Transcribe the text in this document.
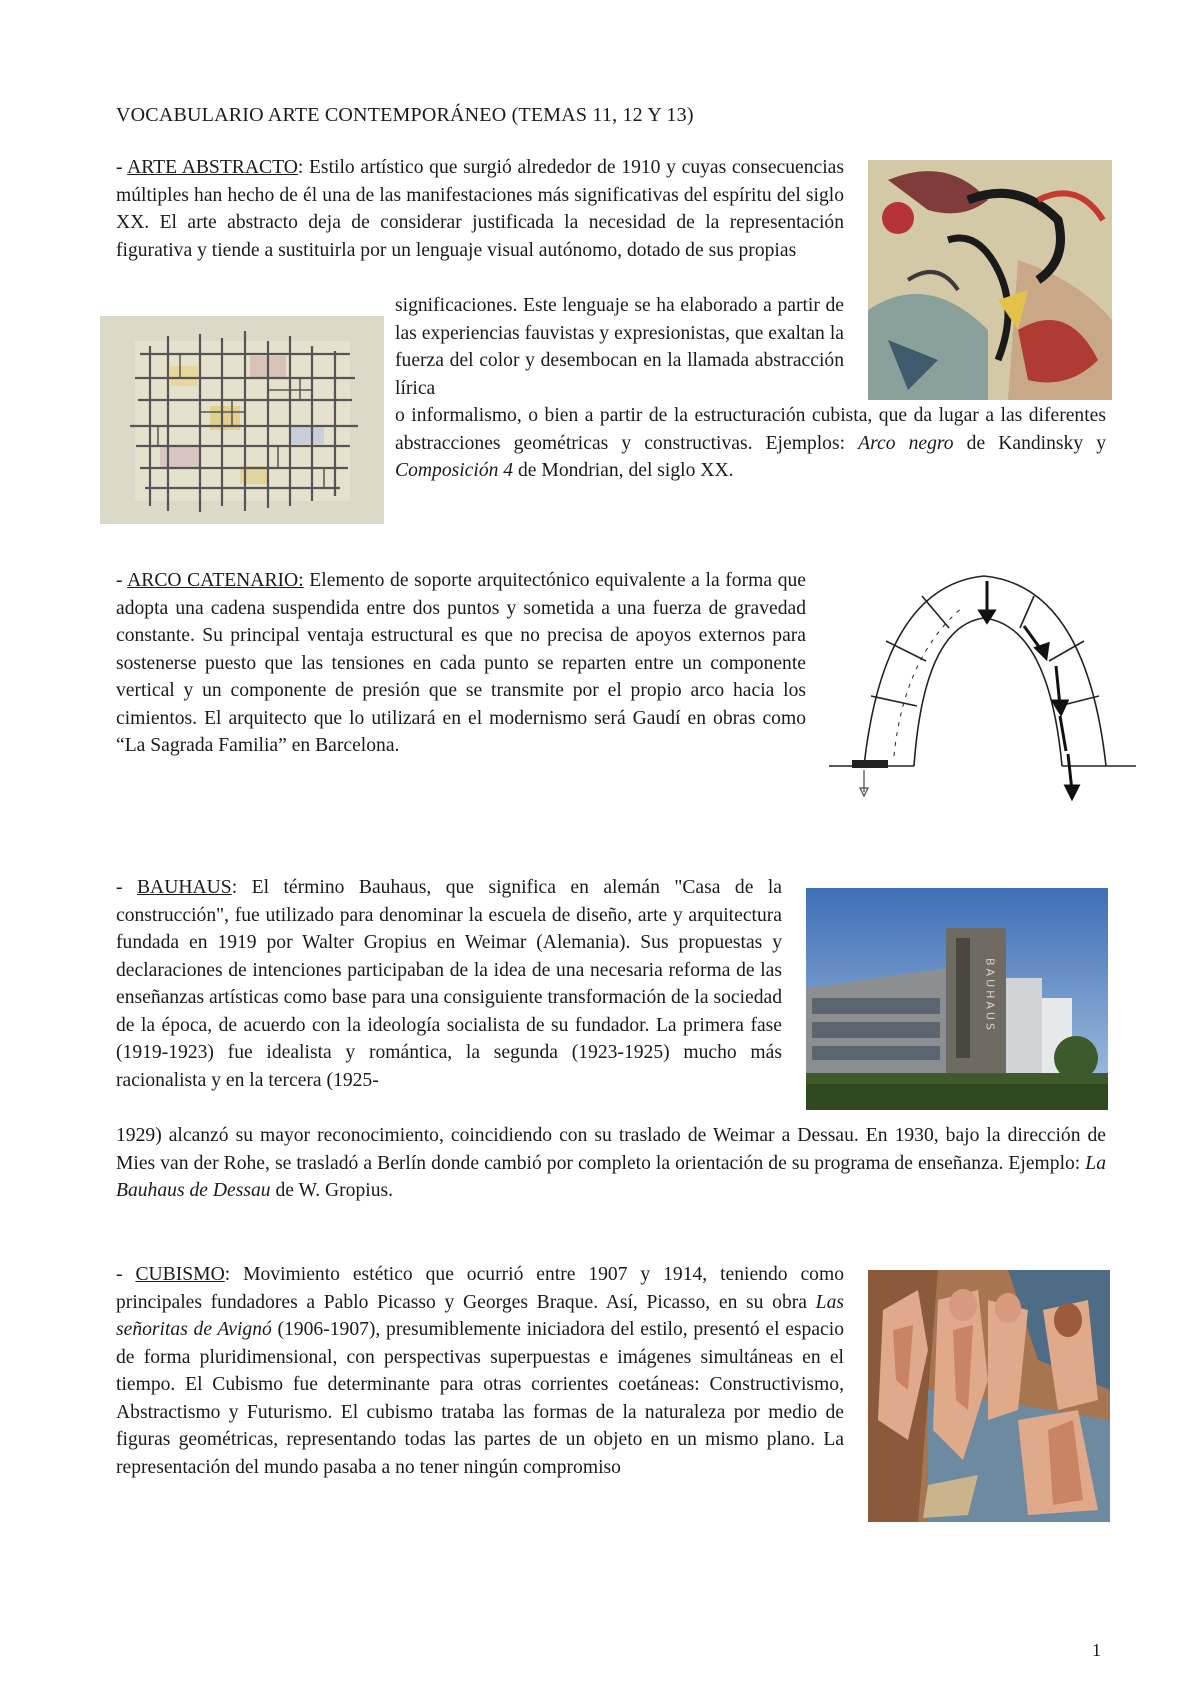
VOCABULARIO ARTE CONTEMPORÁNEO (TEMAS 11, 12 Y 13)
- ARTE ABSTRACTO: Estilo artístico que surgió alrededor de 1910 y cuyas consecuencias múltiples han hecho de él una de las manifestaciones más significativas del espíritu del siglo XX. El arte abstracto deja de considerar justificada la necesidad de la representación figurativa y tiende a sustituirla por un lenguaje visual autónomo, dotado de sus propias
significaciones. Este lenguaje se ha elaborado a partir de las experiencias fauvistas y expresionistas, que exaltan la fuerza del color y desembocan en la llamada abstracción lírica
o informalismo, o bien a partir de la estructuración cubista, que da lugar a las diferentes abstracciones geométricas y constructivas. Ejemplos: Arco negro de Kandinsky y Composición 4 de Mondrian, del siglo XX.
- ARCO CATENARIO: Elemento de soporte arquitectónico equivalente a la forma que adopta una cadena suspendida entre dos puntos y sometida a una fuerza de gravedad constante. Su principal ventaja estructural es que no precisa de apoyos externos para sostenerse puesto que las tensiones en cada punto se reparten entre un componente vertical y un componente de presión que se transmite por el propio arco hacia los cimientos. El arquitecto que lo utilizará en el modernismo será Gaudí en obras como “La Sagrada Familia” en Barcelona.
- BAUHAUS: El término Bauhaus, que significa en alemán "Casa de la construcción", fue utilizado para denominar la escuela de diseño, arte y arquitectura fundada en 1919 por Walter Gropius en Weimar (Alemania). Sus propuestas y declaraciones de intenciones participaban de la idea de una necesaria reforma de las enseñanzas artísticas como base para una consiguiente transformación de la sociedad de la época, de acuerdo con la ideología socialista de su fundador. La primera fase (1919-1923) fue idealista y romántica, la segunda (1923-1925) mucho más racionalista y en la tercera (1925-
1929) alcanzó su mayor reconocimiento, coincidiendo con su traslado de Weimar a Dessau. En 1930, bajo la dirección de Mies van der Rohe, se trasladó a Berlín donde cambió por completo la orientación de su programa de enseñanza. Ejemplo: La Bauhaus de Dessau de W. Gropius.
BAUHAUS
- CUBISMO: Movimiento estético que ocurrió entre 1907 y 1914, teniendo como principales fundadores a Pablo Picasso y Georges Braque. Así, Picasso, en su obra Las señoritas de Avignó (1906-1907), presumiblemente iniciadora del estilo, presentó el espacio de forma pluridimensional, con perspectivas superpuestas e imágenes simultáneas en el tiempo. El Cubismo fue determinante para otras corrientes coetáneas: Constructivismo, Abstractismo y Futurismo. El cubismo trataba las formas de la naturaleza por medio de figuras geométricas, representando todas las partes de un objeto en un mismo plano. La representación del mundo pasaba a no tener ningún compromiso
1
